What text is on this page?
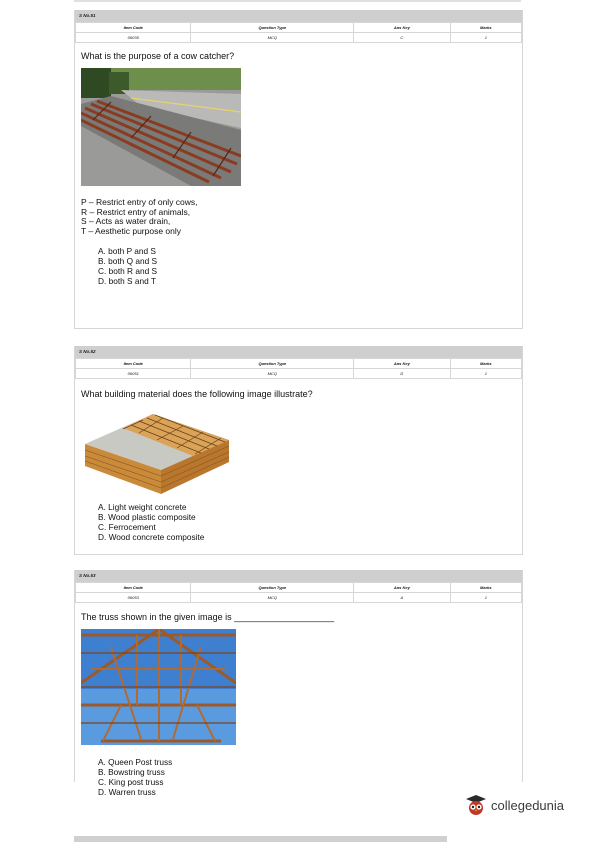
S No.51
Item Code	Question Type	Ans Key	Marks
06035	MCQ	C	1
What is the purpose of a cow catcher?
P – Restrict entry of only cows,
R – Restrict entry of animals,
S – Acts as water drain,
T – Aesthetic purpose only
A. both P and S
B. both Q and S
C. both R and S
D. both S and T
S No.52
Item Code	Question Type	Ans Key	Marks
06051	MCQ	D	1
What building material does the following image illustrate?
A. Light weight concrete
B. Wood plastic composite
C. Ferrocement
D. Wood concrete composite
S No.53
Item Code	Question Type	Ans Key	Marks
06053	MCQ	A	1
The truss shown in the given image is ____________________
A. Queen Post truss
B. Bowstring truss
C. King post truss
D. Warren truss
collegedunia
